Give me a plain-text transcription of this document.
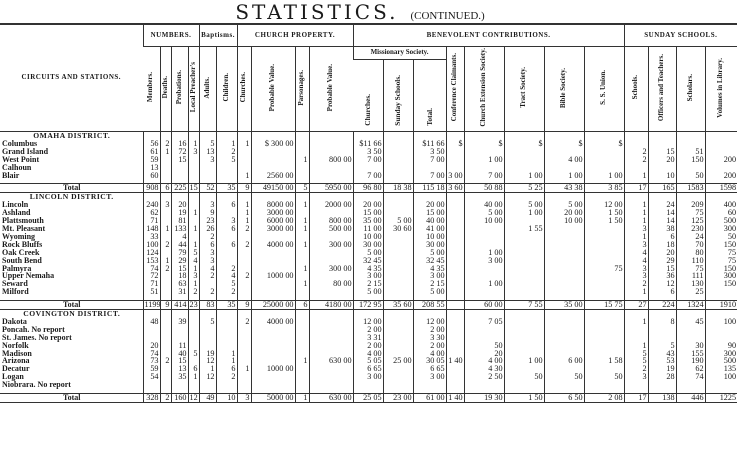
STATISTICS. (CONTINUED.)
CIRCUITS AND STATIONS.	NUMBERS.				Baptisms.		CHURCH PROPERTY.				BENEVOLENT CONTRIBUTIONS.								SUNDAY SCHOOLS.			
	Members.	Deaths.	Probations.	Local Preacher's	Adults.	Children.	Churches.	Probable Value.	Parsonages.	Probable Value.	Missionary Society.			Conference Claimants.	Church Extension Society.	Tract Society.	Bible Society.	S. S. Union.	Schools.	Officers and Teachers.	Scholars.	Volumes in Library.
											Churches.	Sunday Schools.	Total.									
OMAHA DISTRICT.																						
Columbus	56	2	16	1	5	1	1	$ 300 00			$11 66		$11 66	$	$	$	$	$				
Grand Island	61	1	72	3	13	2					3 50		3 50						2	15	51	
West Point	59		15		3	5			1	800 00	7 00		7 00		1 00		4 00		2	20	150	200
Calhoun	13																					
Blair	60						1	2560 00			7 00		7 00	3 00	7 00	1 00	1 00	1 00	1	10	50	200

Total	908	6	225	15	52	35	9	49150 00	5	5950 00	96 80	18 38	115 18	3 60	50 88	5 25	43 38	3 85	17	165	1583	1598
LINCOLN DISTRICT.																						
Lincoln	240	3	20		3	6	1	8000 00	1	2000 00	20 00		20 00		40 00	5 00	5 00	12 00	1	24	209	400
Ashland	62		19	1	9		1	3000 00			15 00		15 00		5 00	1 00	20 00	1 50	1	14	75	60
Plattsmouth	71		81		23	3	1	6000 00	1	800 00	35 00	5 00	40 00		10 00		10 00	1 50	1	14	125	500
Mt. Pleasant	148	1	133	1	26	6	2	3000 00	1	500 00	11 00	30 60	41 00			1 55			3	38	230	300
Wyoming	33		4		2						10 00		10 00						1	6	24	50
Rock Bluffs	100	2	44	1	6	6	2	4000 00	1	300 00	30 00		30 00						3	18	70	150
Oak Creek	124		79	5	3						5 00		5 00		1 00				4	20	80	75
South Bend	153	1	29	4	3						32 45		32 45		3 00				4	29	110	75
Palmyra	74	2	15	1	4	2			1	300 00	4 35		4 35					75	3	15	75	150
Upper Nemaha	72		18	3	2	4	2	1000 00			3 00		3 00						3	36	111	300
Seward	71		63	1		5			1	80 00	2 15		2 15		1 00				2	12	130	150
Milford	51		31	2	2	2					5 00		5 00						1	6	25	

Total	1199	9	414	23	83	35	9	25000 00	6	4180 00	172 95	35 60	208 55		60 00	7 55	35 00	15 75	27	224	1324	1910
COVINGTON DISTRICT.																						
Dakota	48		39		5		2	4000 00			12 00		12 00		7 05				1	8	45	100
Poncah. No report											2 00		2 00									
St. James. No report											3 31		3 30									
Norfolk	20		11								2 00		2 00		50				1	5	30	90
Madison	74		40	5	19	1					4 00		4 00		20				5	43	155	300
Arizona	73	2	15		12	1			1	630 00	5 05	25 00	30 05	1 40	4 00	1 00	6 00	1 58	5	53	190	500
Decatur	59		13	6	1	6	1	1000 00			6 65		6 65		4 30				2	19	62	135
Logan	54		35	1	12	2					3 00		3 00		2 50	50	50	50	3	28	74	100
Niobrara. No report																						

Total	328	2	160	12	49	10	3	5000 00	1	630 00	25 05	23 00	61 00	1 40	19 30	1 50	6 50	2 08	17	138	446	1225
